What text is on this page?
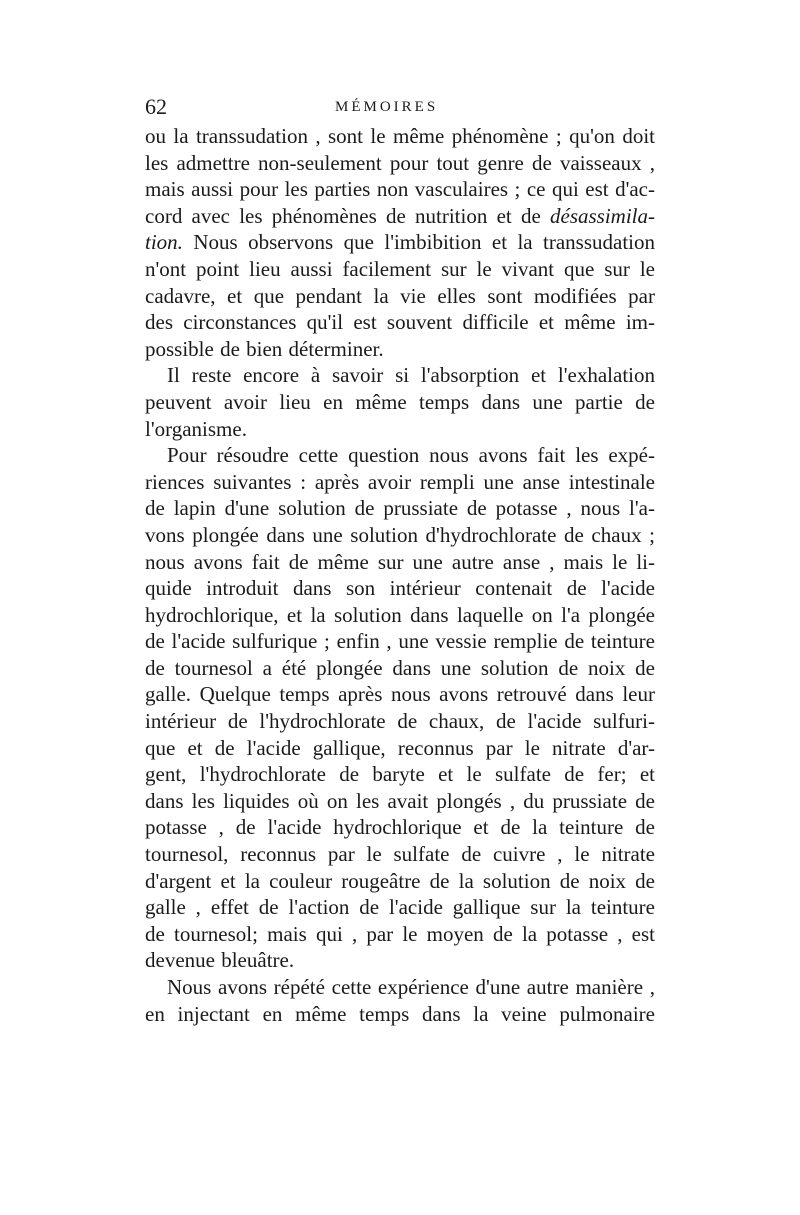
62	MÉMOIRES
ou la transsudation , sont le même phénomène ; qu'on doit
les admettre non-seulement pour tout genre de vaisseaux ,
mais aussi pour les parties non vasculaires ; ce qui est d'ac-
cord avec les phénomènes de nutrition et de désassimila-
tion. Nous observons que l'imbibition et la transsudation
n'ont point lieu aussi facilement sur le vivant que sur le
cadavre, et que pendant la vie elles sont modifiées par
des circonstances qu'il est souvent difficile et même im-
possible de bien déterminer.
Il reste encore à savoir si l'absorption et l'exhalation
peuvent avoir lieu en même temps dans une partie de
l'organisme.
Pour résoudre cette question nous avons fait les expé-
riences suivantes : après avoir rempli une anse intestinale
de lapin d'une solution de prussiate de potasse , nous l'a-
vons plongée dans une solution d'hydrochlorate de chaux ;
nous avons fait de même sur une autre anse , mais le li-
quide introduit dans son intérieur contenait de l'acide
hydrochlorique, et la solution dans laquelle on l'a plongée
de l'acide sulfurique ; enfin , une vessie remplie de teinture
de tournesol a été plongée dans une solution de noix de
galle. Quelque temps après nous avons retrouvé dans leur
intérieur de l'hydrochlorate de chaux, de l'acide sulfuri-
que et de l'acide gallique, reconnus par le nitrate d'ar-
gent, l'hydrochlorate de baryte et le sulfate de fer; et
dans les liquides où on les avait plongés , du prussiate de
potasse , de l'acide hydrochlorique et de la teinture de
tournesol, reconnus par le sulfate de cuivre , le nitrate
d'argent et la couleur rougeâtre de la solution de noix de
galle , effet de l'action de l'acide gallique sur la teinture
de tournesol; mais qui , par le moyen de la potasse , est
devenue bleuâtre.
Nous avons répété cette expérience d'une autre manière ,
en injectant en même temps dans la veine pulmonaire
